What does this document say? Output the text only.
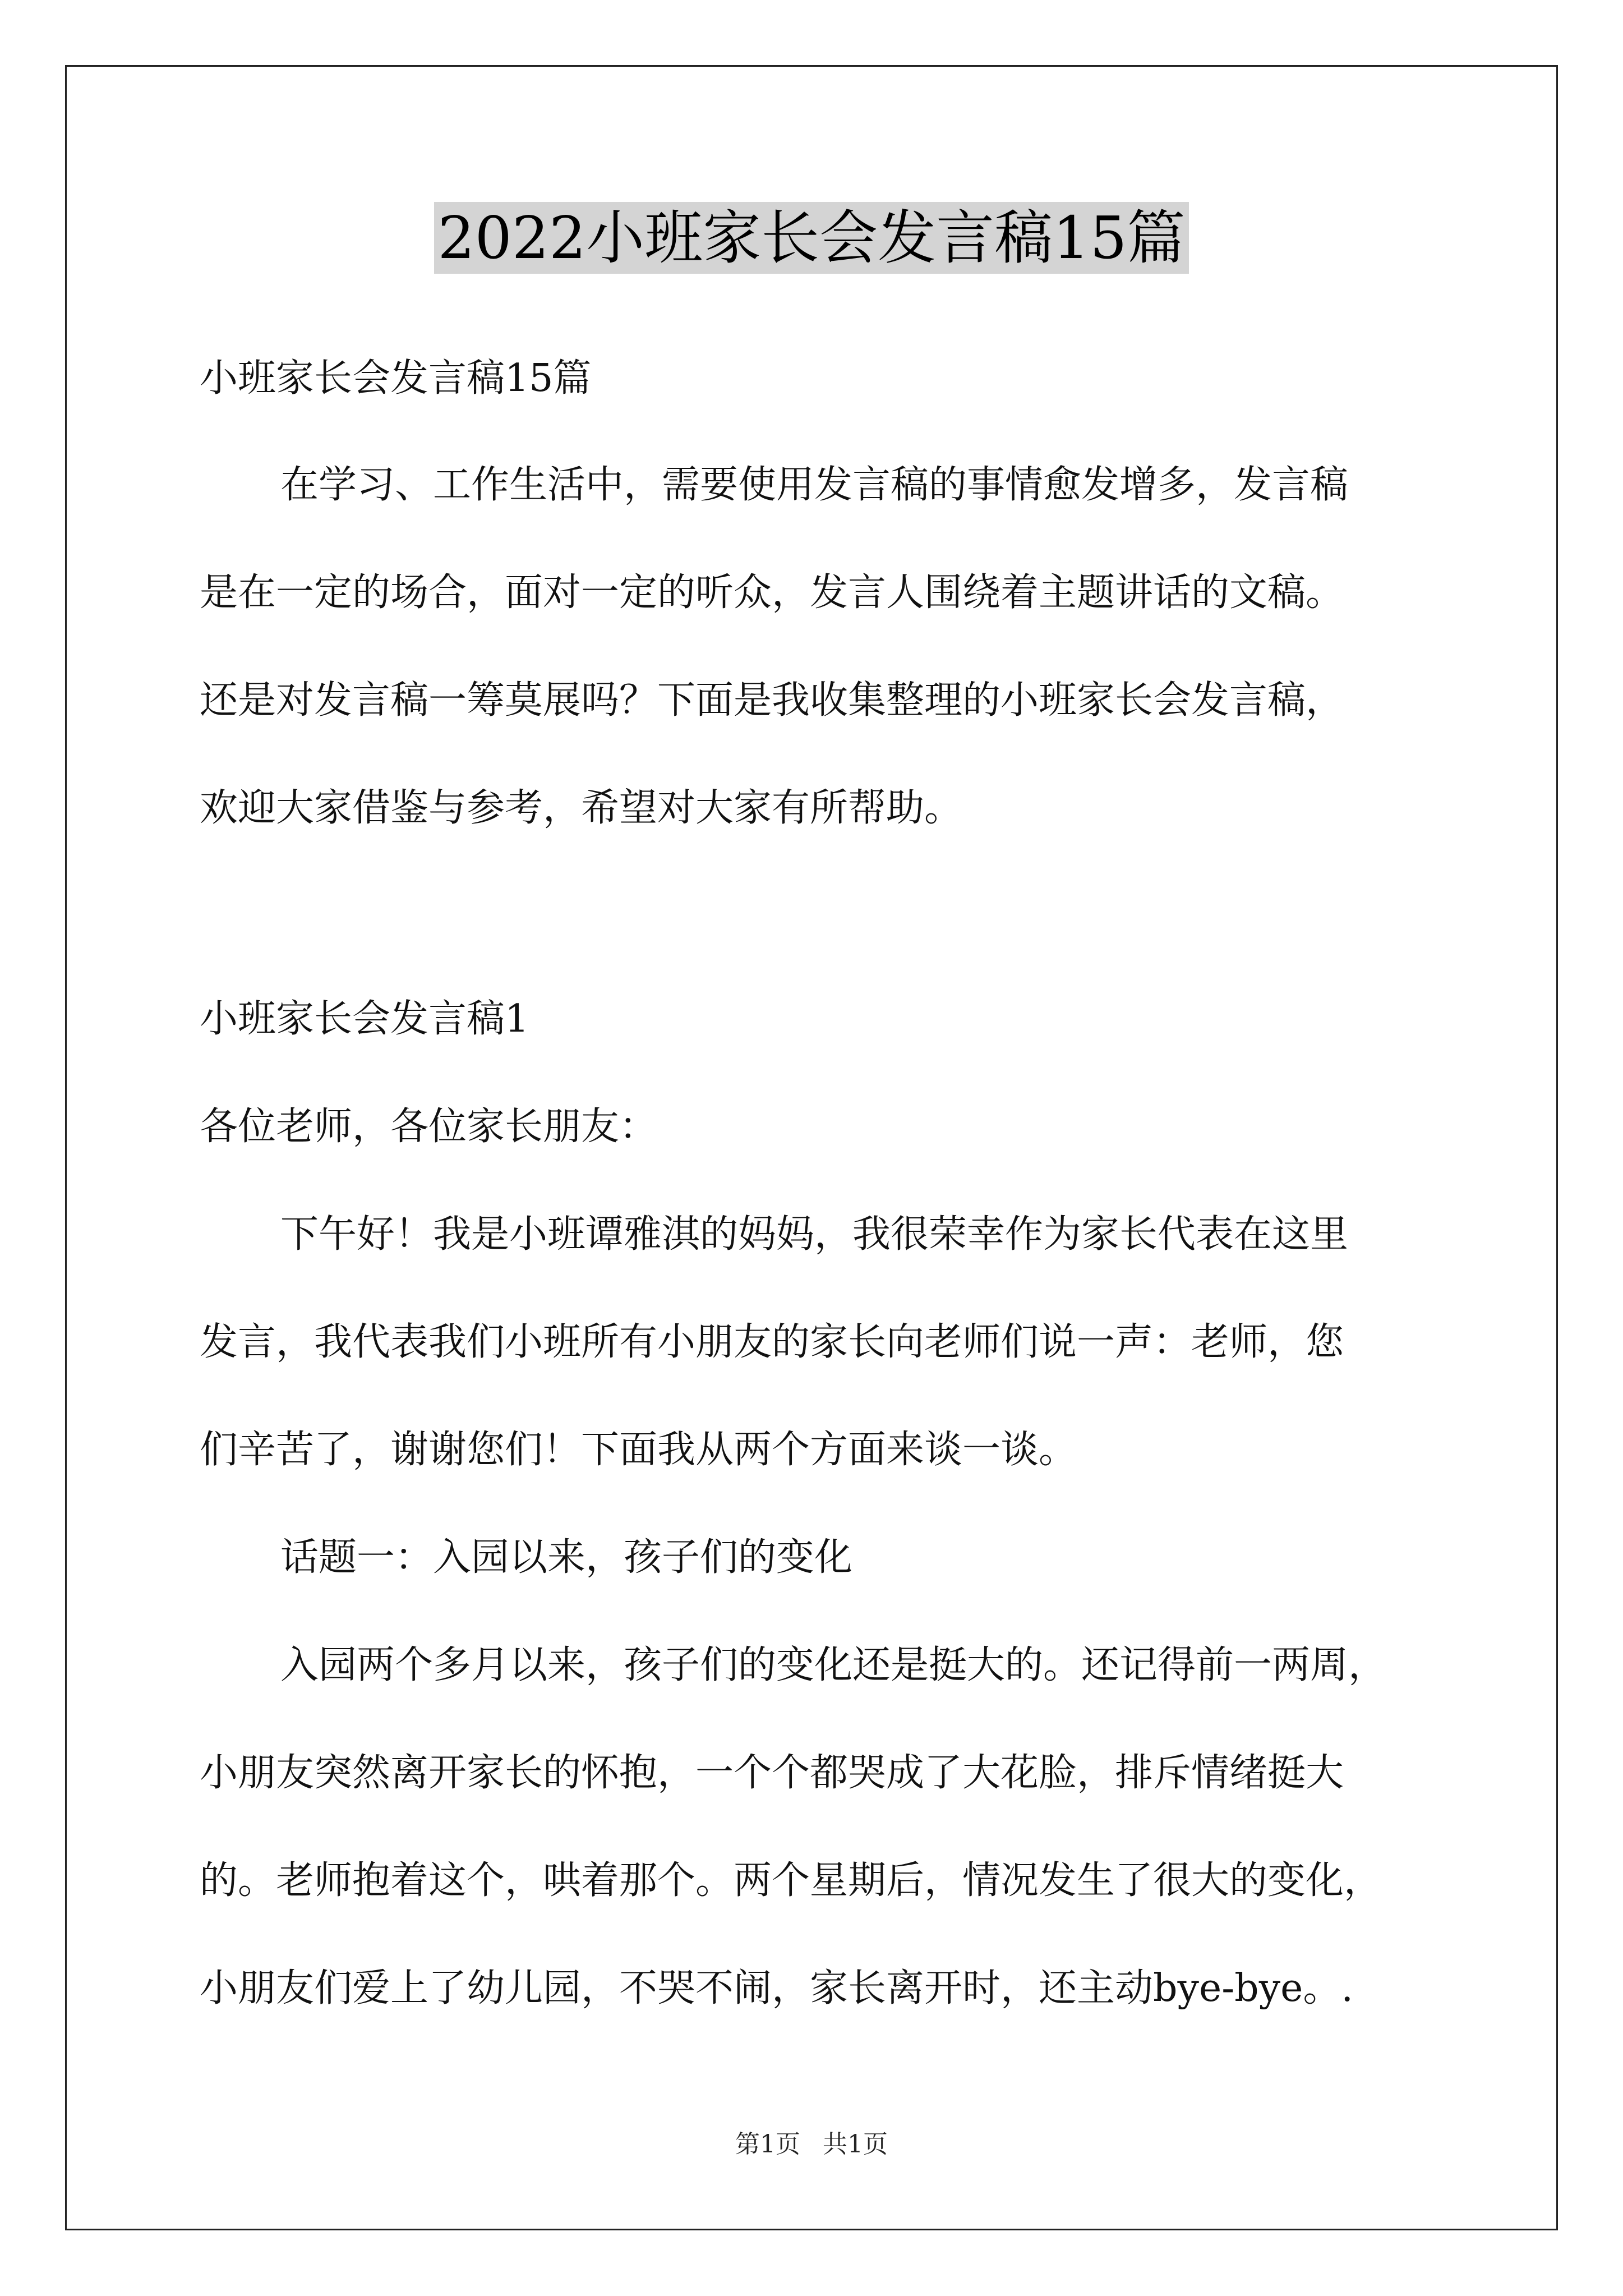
2022小班家长会发言稿15篇
小班家长会发言稿15篇
在学习、工作生活中，需要使用发言稿的事情愈发增多，发言稿
是在一定的场合，面对一定的听众，发言人围绕着主题讲话的文稿。
还是对发言稿一筹莫展吗？下面是我收集整理的小班家长会发言稿，
欢迎大家借鉴与参考，希望对大家有所帮助。
小班家长会发言稿1
各位老师，各位家长朋友：
下午好！我是小班谭雅淇的妈妈，我很荣幸作为家长代表在这里
发言，我代表我们小班所有小朋友的家长向老师们说一声：老师，您
们辛苦了，谢谢您们！下面我从两个方面来谈一谈。
话题一：入园以来，孩子们的变化
入园两个多月以来，孩子们的变化还是挺大的。还记得前一两周，
小朋友突然离开家长的怀抱，一个个都哭成了大花脸，排斥情绪挺大
的。老师抱着这个，哄着那个。两个星期后，情况发生了很大的变化，
小朋友们爱上了幼儿园，不哭不闹，家长离开时，还主动bye-bye。.
第1页 共1页
